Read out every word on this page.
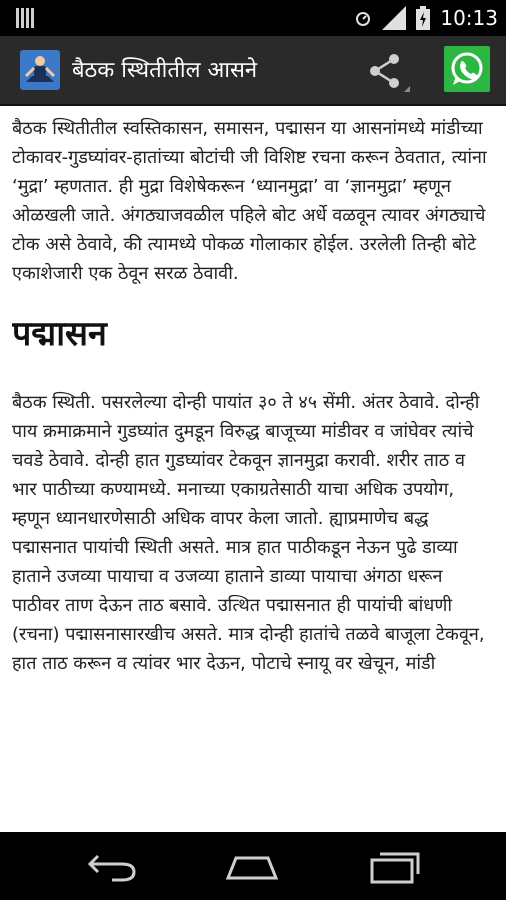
10:13
बैठक स्थितीतील आसने

बैठक स्थितीतील स्वस्तिकासन, समासन, पद्मासन या आसनांमध्ये मांडीच्या टोकावर-गुडघ्यांवर-हातांच्या बोटांची जी विशिष्ट रचना करून ठेवतात, त्यांना ‘मुद्रा’ म्हणतात. ही मुद्रा विशेषेकरून ‘ध्यानमुद्रा’ वा ‘ज्ञानमुद्रा’ म्हणून ओळखली जाते. अंगठ्याजवळील पहिले बोट अर्धे वळवून त्यावर अंगठ्याचे टोक असे ठेवावे, की त्यामध्ये पोकळ गोलाकार होईल. उरलेली तिन्ही बोटे एकाशेजारी एक ठेवून सरळ ठेवावी.

पद्मासन

बैठक स्थिती. पसरलेल्या दोन्ही पायांत ३० ते ४५ सेंमी. अंतर ठेवावे. दोन्ही पाय क्रमाक्रमाने गुडघ्यांत दुमडून विरुद्ध बाजूच्या मांडीवर व जांघेवर त्यांचे चवडे ठेवावे. दोन्ही हात गुडघ्यांवर टेकवून ज्ञानमुद्रा करावी. शरीर ताठ व भार पाठीच्या कण्यामध्ये. मनाच्या एकाग्रतेसाठी याचा अधिक उपयोग, म्हणून ध्यानधारणेसाठी अधिक वापर केला जातो. ह्याप्रमाणेच बद्ध पद्मासनात पायांची स्थिती असते. मात्र हात पाठीकडून नेऊन पुढे डाव्या हाताने उजव्या पायाचा व उजव्या हाताने डाव्या पायाचा अंगठा धरून पाठीवर ताण देऊन ताठ बसावे. उत्थित पद्मासनात ही पायांची बांधणी (रचना) पद्मासनासारखीच असते. मात्र दोन्ही हातांचे तळवे बाजूला टेकवून, हात ताठ करून व त्यांवर भार देऊन, पोटाचे स्नायू वर खेचून, मांडी
